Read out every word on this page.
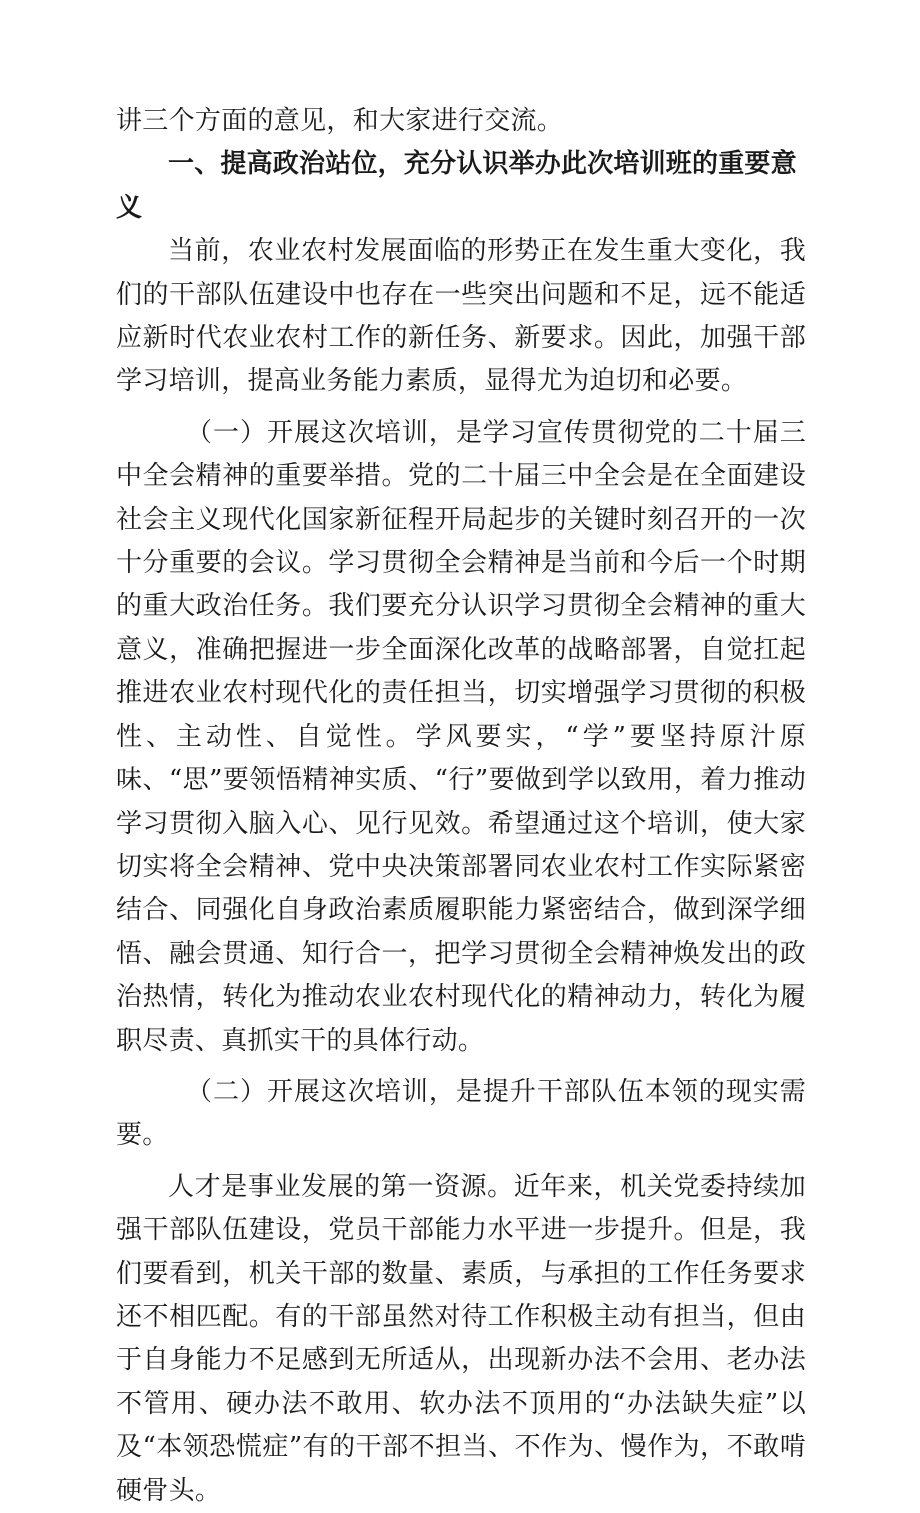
讲三个方面的意见，和大家进行交流。

一、提高政治站位，充分认识举办此次培训班的重要意义

当前，农业农村发展面临的形势正在发生重大变化，我们的干部队伍建设中也存在一些突出问题和不足，远不能适应新时代农业农村工作的新任务、新要求。因此，加强干部学习培训，提高业务能力素质，显得尤为迫切和必要。

（一）开展这次培训，是学习宣传贯彻党的二十届三中全会精神的重要举措。党的二十届三中全会是在全面建设社会主义现代化国家新征程开局起步的关键时刻召开的一次十分重要的会议。学习贯彻全会精神是当前和今后一个时期的重大政治任务。我们要充分认识学习贯彻全会精神的重大意义，准确把握进一步全面深化改革的战略部署，自觉扛起推进农业农村现代化的责任担当，切实增强学习贯彻的积极性、主动性、自觉性。学风要实，“学”要坚持原汁原味、“思”要领悟精神实质、“行”要做到学以致用，着力推动学习贯彻入脑入心、见行见效。希望通过这个培训，使大家切实将全会精神、党中央决策部署同农业农村工作实际紧密结合、同强化自身政治素质履职能力紧密结合，做到深学细悟、融会贯通、知行合一，把学习贯彻全会精神焕发出的政治热情，转化为推动农业农村现代化的精神动力，转化为履职尽责、真抓实干的具体行动。

（二）开展这次培训，是提升干部队伍本领的现实需要。

人才是事业发展的第一资源。近年来，机关党委持续加强干部队伍建设，党员干部能力水平进一步提升。但是，我们要看到，机关干部的数量、素质，与承担的工作任务要求还不相匹配。有的干部虽然对待工作积极主动有担当，但由于自身能力不足感到无所适从，出现新办法不会用、老办法不管用、硬办法不敢用、软办法不顶用的“办法缺失症”以及“本领恐慌症”有的干部不担当、不作为、慢作为，不敢啃硬骨头。
